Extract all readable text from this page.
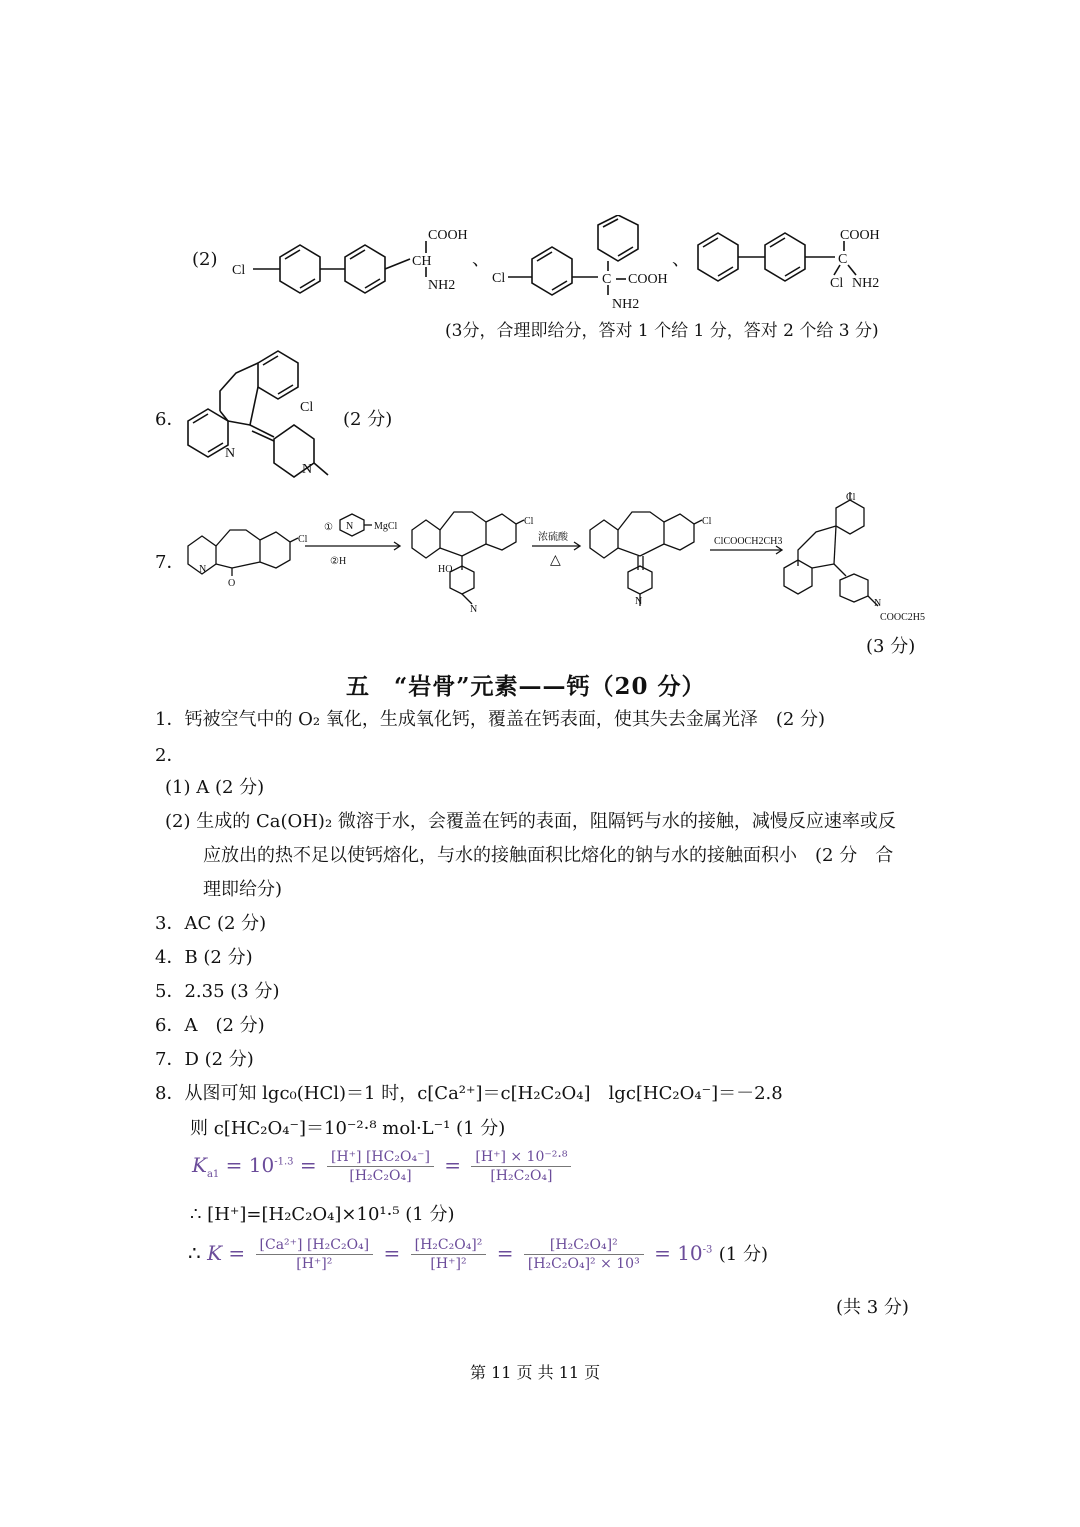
(2)
Cl
COOH
CH
NH2
、
Cl	C COOH
NH2
、
COOH
C
Cl NH2
(3分，合理即给分，答对 1 个给 1 分，答对 2 个给 3 分)
6．
Cl
N
N
(2 分)
7．
Cl
N
O
① N MgCl
②H
Cl
HO
N
浓硫酸
△
Cl
N
ClCOOCH2CH3
Cl
N
COOC2H5
(3 分)
五　“岩骨”元素——钙（20 分）
1．钙被空气中的 O₂ 氧化，生成氧化钙，覆盖在钙表面，使其失去金属光泽　(2 分)
2．
(1) A (2 分)
(2) 生成的 Ca(OH)₂ 微溶于水，会覆盖在钙的表面，阻隔钙与水的接触，减慢反应速率或反
应放出的热不足以使钙熔化，与水的接触面积比熔化的钠与水的接触面积小　(2 分　合
理即给分)
3．AC (2 分)
4．B (2 分)
5．2.35 (3 分)
6．A　(2 分)
7．D (2 分)
8．从图可知 lgc₀(HCl)＝1 时，c[Ca²⁺]＝c[H₂C₂O₄]　lgc[HC₂O₄⁻]＝－2.8
则 c[HC₂O₄⁻]＝10⁻²·⁸ mol·L⁻¹ (1 分)
$K_{a1} = 10^{-1.3} = \frac{\text{[H⁺] [HC₂O₄⁻]}}{\text{[H₂C₂O₄]}} = \frac{\text{[H⁺] × 10⁻²·⁸}}{\text{[H₂C₂O₄]}}$
∴ [H⁺]=[H₂C₂O₄]×10¹·⁵ (1 分)
∴ $K = \frac{\text{[Ca²⁺] [H₂C₂O₄]}}{\text{[H⁺]²}} = \frac{\text{[H₂C₂O₄]²}}{\text{[H⁺]²}} = \frac{\text{[H₂C₂O₄]²}}{\text{[H₂C₂O₄]² × 10³}} = 10^{-3}$ (1 分)
(共 3 分)
第 11 页 共 11 页
